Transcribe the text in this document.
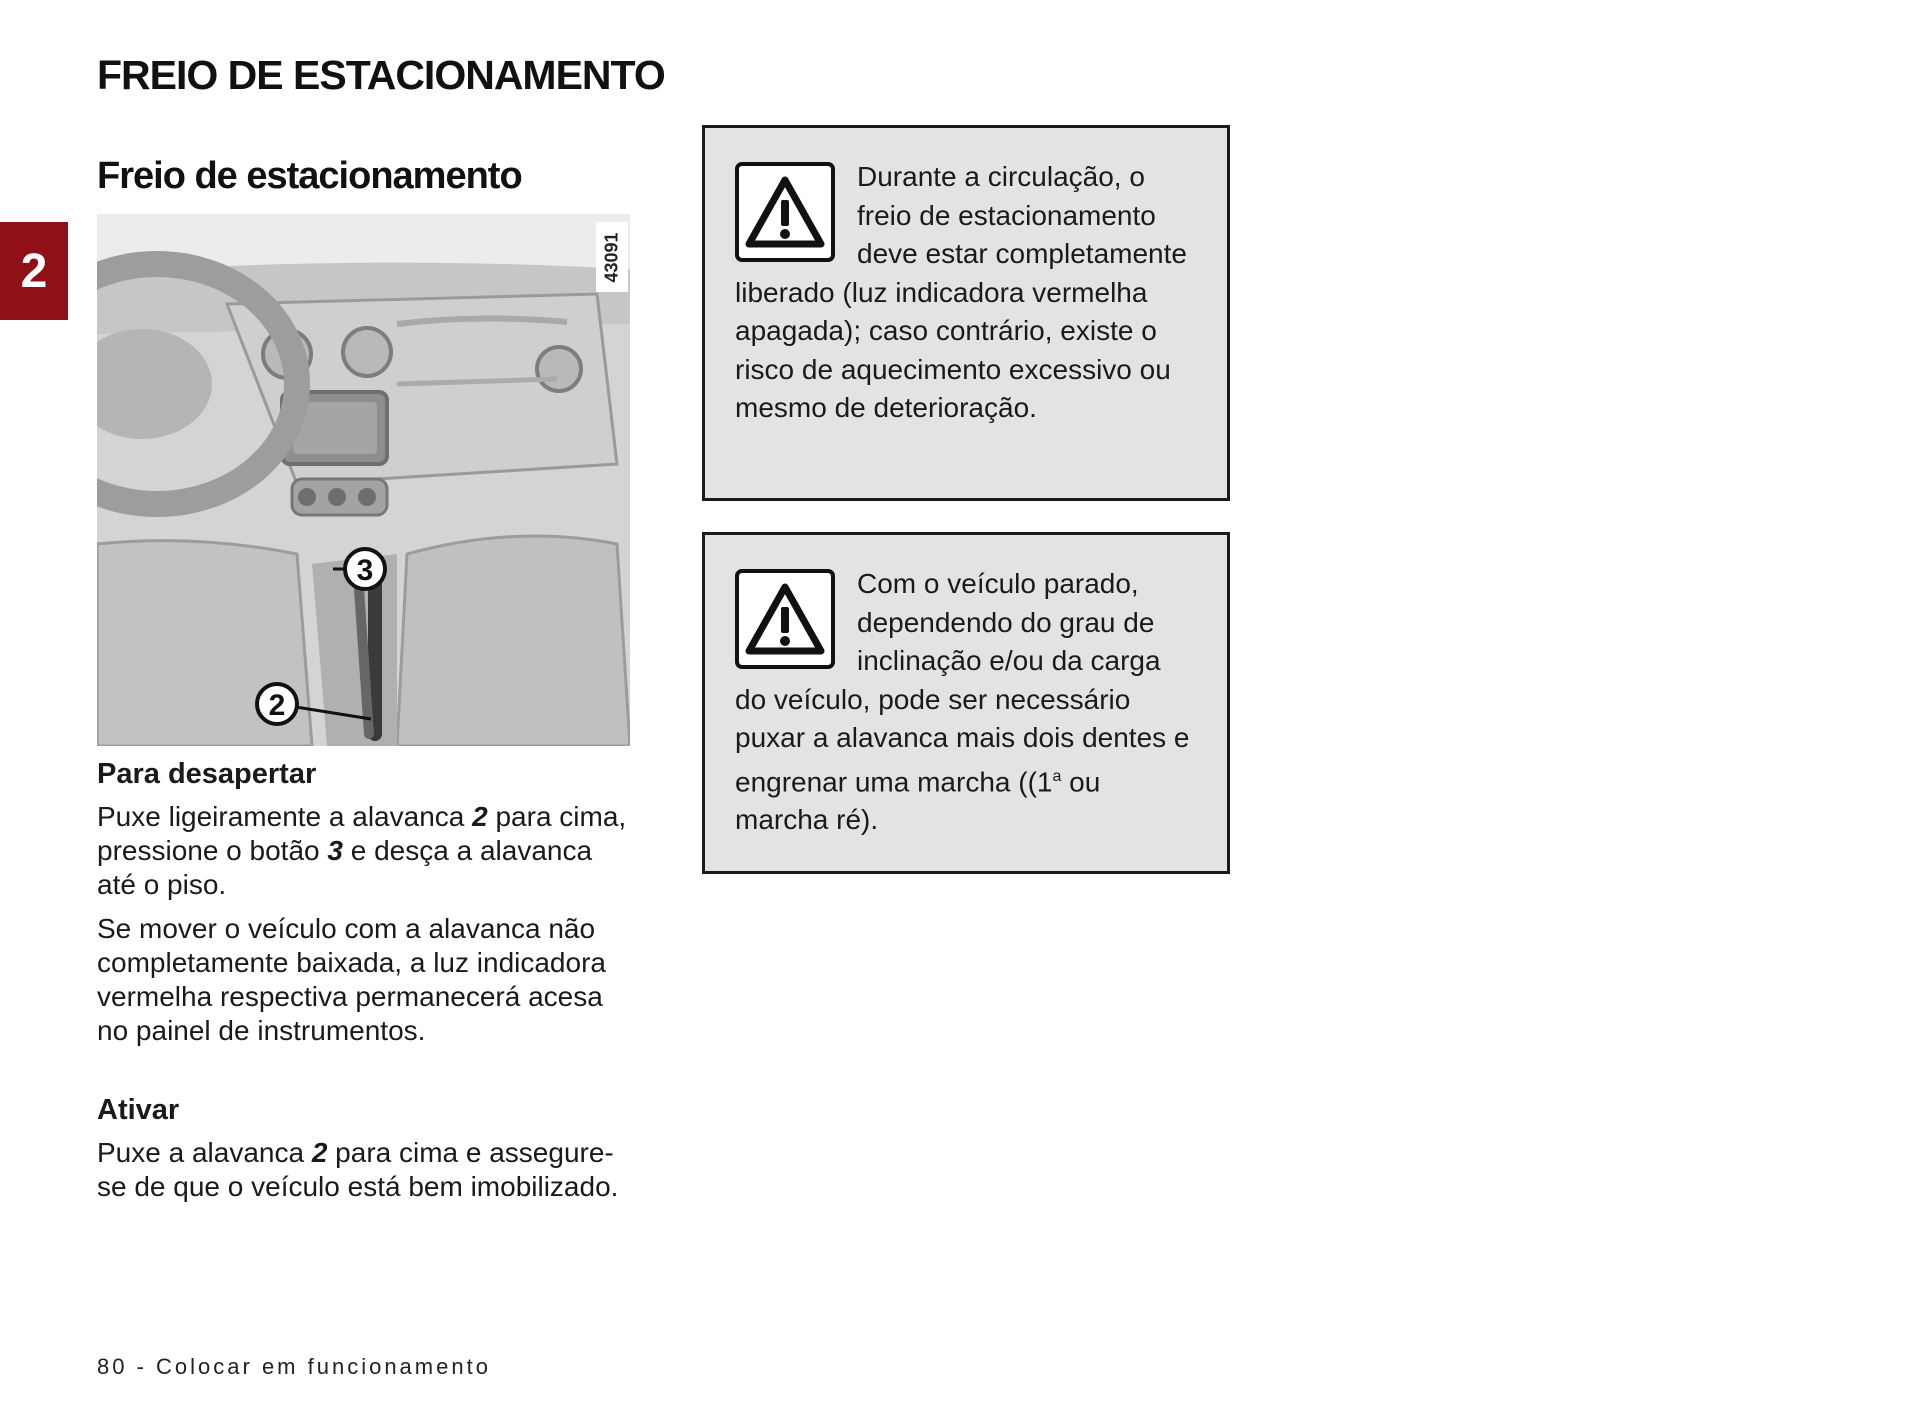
FREIO DE ESTACIONAMENTO
2
Freio de estacionamento
3
2
43091

Para desapertar

Puxe ligeiramente a alavanca 2 para cima, pressione o botão 3 e desça a alavanca até o piso.

Se mover o veículo com a alavanca não completamente baixada, a luz indicadora vermelha respectiva permanecerá acesa no painel de instrumentos.

Ativar

Puxe a alavanca 2 para cima e assegure-se de que o veículo está bem imobilizado.

Durante a circulação, o freio de estacionamento deve estar completamente liberado (luz indicadora vermelha apagada); caso contrário, existe o risco de aquecimento excessivo ou mesmo de deterioração.

Com o veículo parado, dependendo do grau de inclinação e/ou da carga do veículo, pode ser necessário puxar a alavanca mais dois dentes e engrenar uma marcha ((1$^a$ ou marcha ré).

80 - Colocar em funcionamento
